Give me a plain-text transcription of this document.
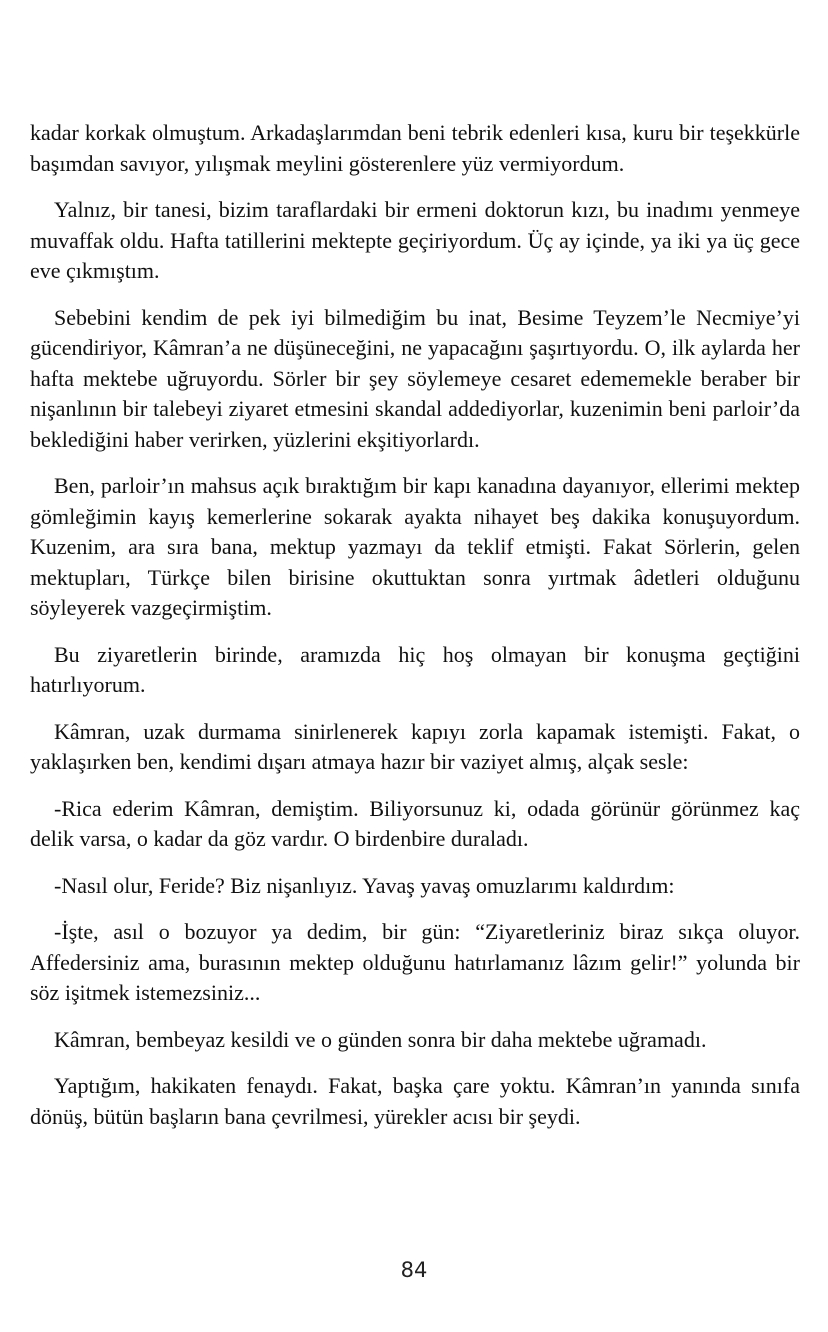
kadar korkak olmuştum. Arkadaşlarımdan beni tebrik edenleri kısa, kuru bir teşekkürle başımdan savıyor, yılışmak meylini gösterenlere yüz vermiyordum.

Yalnız, bir tanesi, bizim taraflardaki bir ermeni doktorun kızı, bu inadımı yenmeye muvaffak oldu. Hafta tatillerini mektepte geçiriyordum. Üç ay içinde, ya iki ya üç gece eve çıkmıştım.

Sebebini kendim de pek iyi bilmediğim bu inat, Besime Teyzem’le Necmiye’yi gücendiriyor, Kâmran’a ne düşüneceğini, ne yapacağını şaşırtıyordu. O, ilk aylarda her hafta mektebe uğruyordu. Sörler bir şey söylemeye cesaret edememekle beraber bir nişanlının bir talebeyi ziyaret etmesini skandal addediyorlar, kuzenimin beni parloir’da beklediğini haber verirken, yüzlerini ekşitiyorlardı.

Ben, parloir’ın mahsus açık bıraktığım bir kapı kanadına dayanıyor, ellerimi mektep gömleğimin kayış kemerlerine sokarak ayakta nihayet beş dakika konuşuyordum. Kuzenim, ara sıra bana, mektup yazmayı da teklif etmişti. Fakat Sörlerin, gelen mektupları, Türkçe bilen birisine okuttuktan sonra yırtmak âdetleri olduğunu söyleyerek vazgeçirmiştim.

Bu ziyaretlerin birinde, aramızda hiç hoş olmayan bir konuşma geçtiğini hatırlıyorum.

Kâmran, uzak durmama sinirlenerek kapıyı zorla kapamak istemişti. Fakat, o yaklaşırken ben, kendimi dışarı atmaya hazır bir vaziyet almış, alçak sesle:

-Rica ederim Kâmran, demiştim. Biliyorsunuz ki, odada görünür görünmez kaç delik varsa, o kadar da göz vardır. O birdenbire duraladı.

-Nasıl olur, Feride? Biz nişanlıyız. Yavaş yavaş omuzlarımı kaldırdım:

-İşte, asıl o bozuyor ya dedim, bir gün: “Ziyaretleriniz biraz sıkça oluyor. Affedersiniz ama, burasının mektep olduğunu hatırlamanız lâzım gelir!” yolunda bir söz işitmek istemezsiniz...

Kâmran, bembeyaz kesildi ve o günden sonra bir daha mektebe uğramadı.

Yaptığım, hakikaten fenaydı. Fakat, başka çare yoktu. Kâmran’ın yanında sınıfa dönüş, bütün başların bana çevrilmesi, yürekler acısı bir şeydi.

84
